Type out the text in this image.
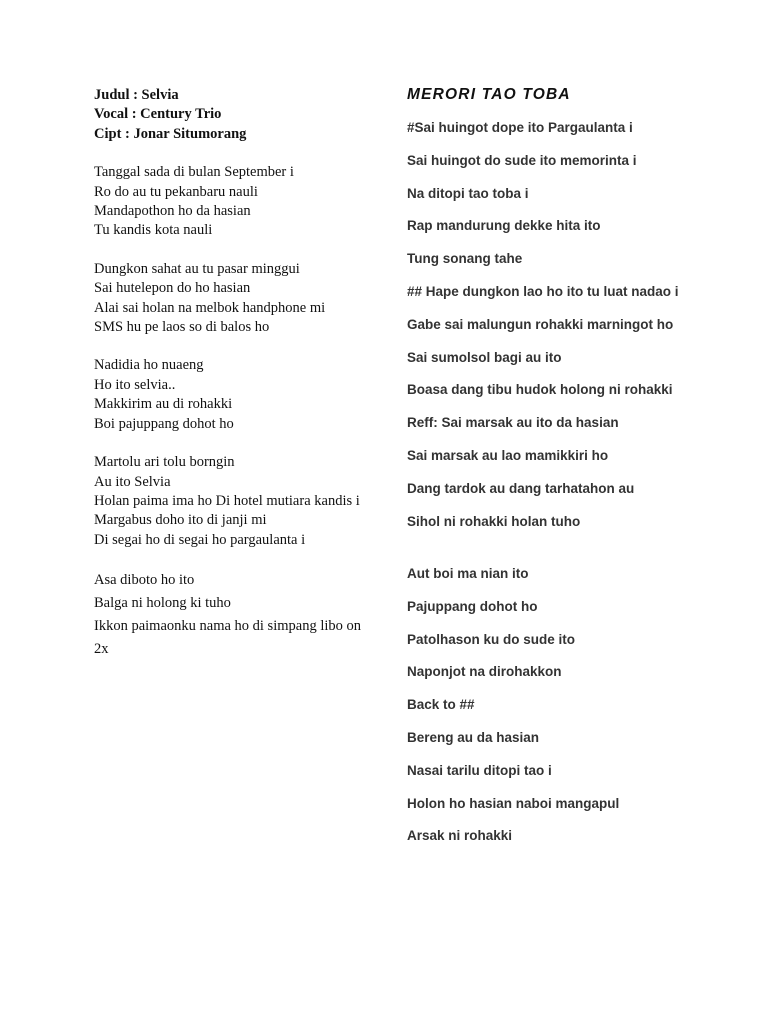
Judul : Selvia
Vocal : Century Trio
Cipt : Jonar Situmorang
Tanggal sada di bulan September i
Ro do au tu pekanbaru nauli
Mandapothon ho da hasian
Tu kandis kota nauli
Dungkon sahat au tu pasar minggui
Sai hutelepon do ho hasian
Alai sai holan na melbok handphone mi
SMS hu pe laos so di balos ho
Nadidia ho nuaeng
Ho ito selvia..
Makkirim au di rohakki
Boi pajuppang dohot ho
Martolu ari tolu borngin
Au ito Selvia
Holan paima ima ho Di hotel mutiara kandis i
Margabus doho ito di janji mi
Di segai ho di segai ho pargaulanta i
Asa diboto ho ito
Balga ni holong ki tuho
Ikkon paimaonku nama ho di simpang libo on 2x
MERORI TAO TOBA
#Sai huingot dope ito Pargaulanta i
Sai huingot do sude ito memorinta i
Na ditopi tao toba i
Rap mandurung dekke hita ito
Tung sonang tahe
## Hape dungkon lao ho ito tu luat nadao i
Gabe sai malungun rohakki marningot ho
Sai sumolsol bagi au ito
Boasa dang tibu hudok holong ni rohakki
Reff: Sai marsak au ito da hasian
Sai marsak au lao mamikkiri ho
Dang tardok au dang tarhatahon au
Sihol ni rohakki holan tuho
Aut boi ma nian ito
Pajuppang dohot ho
Patolhason ku do sude ito
Naponjot na dirohakkon
Back to ##
Bereng au da hasian
Nasai tarilu ditopi tao i
Holon ho hasian naboi mangapul
Arsak ni rohakki
